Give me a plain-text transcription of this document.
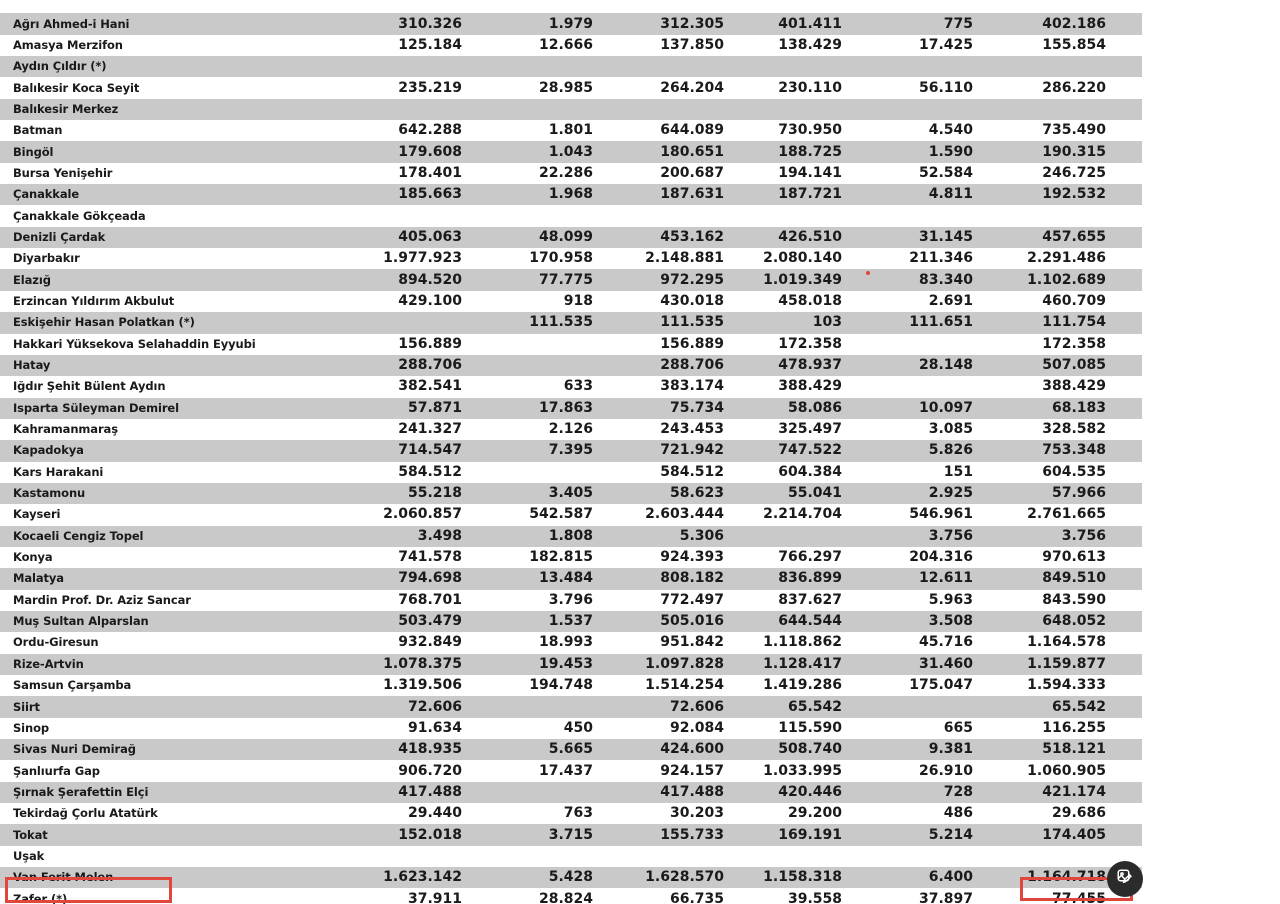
Ağrı Ahmed-i Hani	310.326	1.979	312.305	401.411	775	402.186	
Amasya Merzifon	125.184	12.666	137.850	138.429	17.425	155.854	
Aydın Çıldır (*)							
Balıkesir Koca Seyit	235.219	28.985	264.204	230.110	56.110	286.220	
Balıkesir Merkez							
Batman	642.288	1.801	644.089	730.950	4.540	735.490	
Bingöl	179.608	1.043	180.651	188.725	1.590	190.315	
Bursa Yenişehir	178.401	22.286	200.687	194.141	52.584	246.725	
Çanakkale	185.663	1.968	187.631	187.721	4.811	192.532	
Çanakkale Gökçeada							
Denizli Çardak	405.063	48.099	453.162	426.510	31.145	457.655	
Diyarbakır	1.977.923	170.958	2.148.881	2.080.140	211.346	2.291.486	
Elazığ	894.520	77.775	972.295	1.019.349	83.340	1.102.689	
Erzincan Yıldırım Akbulut	429.100	918	430.018	458.018	2.691	460.709	
Eskişehir Hasan Polatkan (*)		111.535	111.535	103	111.651	111.754	
Hakkari Yüksekova Selahaddin Eyyubi	156.889		156.889	172.358		172.358	
Hatay	288.706		288.706	478.937	28.148	507.085	
Iğdır Şehit Bülent Aydın	382.541	633	383.174	388.429		388.429	
Isparta Süleyman Demirel	57.871	17.863	75.734	58.086	10.097	68.183	
Kahramanmaraş	241.327	2.126	243.453	325.497	3.085	328.582	
Kapadokya	714.547	7.395	721.942	747.522	5.826	753.348	
Kars Harakani	584.512		584.512	604.384	151	604.535	
Kastamonu	55.218	3.405	58.623	55.041	2.925	57.966	
Kayseri	2.060.857	542.587	2.603.444	2.214.704	546.961	2.761.665	
Kocaeli Cengiz Topel	3.498	1.808	5.306		3.756	3.756	
Konya	741.578	182.815	924.393	766.297	204.316	970.613	
Malatya	794.698	13.484	808.182	836.899	12.611	849.510	
Mardin Prof. Dr. Aziz Sancar	768.701	3.796	772.497	837.627	5.963	843.590	
Muş Sultan Alparslan	503.479	1.537	505.016	644.544	3.508	648.052	
Ordu-Giresun	932.849	18.993	951.842	1.118.862	45.716	1.164.578	
Rize-Artvin	1.078.375	19.453	1.097.828	1.128.417	31.460	1.159.877	
Samsun Çarşamba	1.319.506	194.748	1.514.254	1.419.286	175.047	1.594.333	
Siirt	72.606		72.606	65.542		65.542	
Sinop	91.634	450	92.084	115.590	665	116.255	
Sivas Nuri Demirağ	418.935	5.665	424.600	508.740	9.381	518.121	
Şanlıurfa Gap	906.720	17.437	924.157	1.033.995	26.910	1.060.905	
Şırnak Şerafettin Elçi	417.488		417.488	420.446	728	421.174	
Tekirdağ Çorlu Atatürk	29.440	763	30.203	29.200	486	29.686	
Tokat	152.018	3.715	155.733	169.191	5.214	174.405	
Uşak							
Van Ferit Melen	1.623.142	5.428	1.628.570	1.158.318	6.400	1.164.718	
Zafer (*)	37.911	28.824	66.735	39.558	37.897	77.455	
